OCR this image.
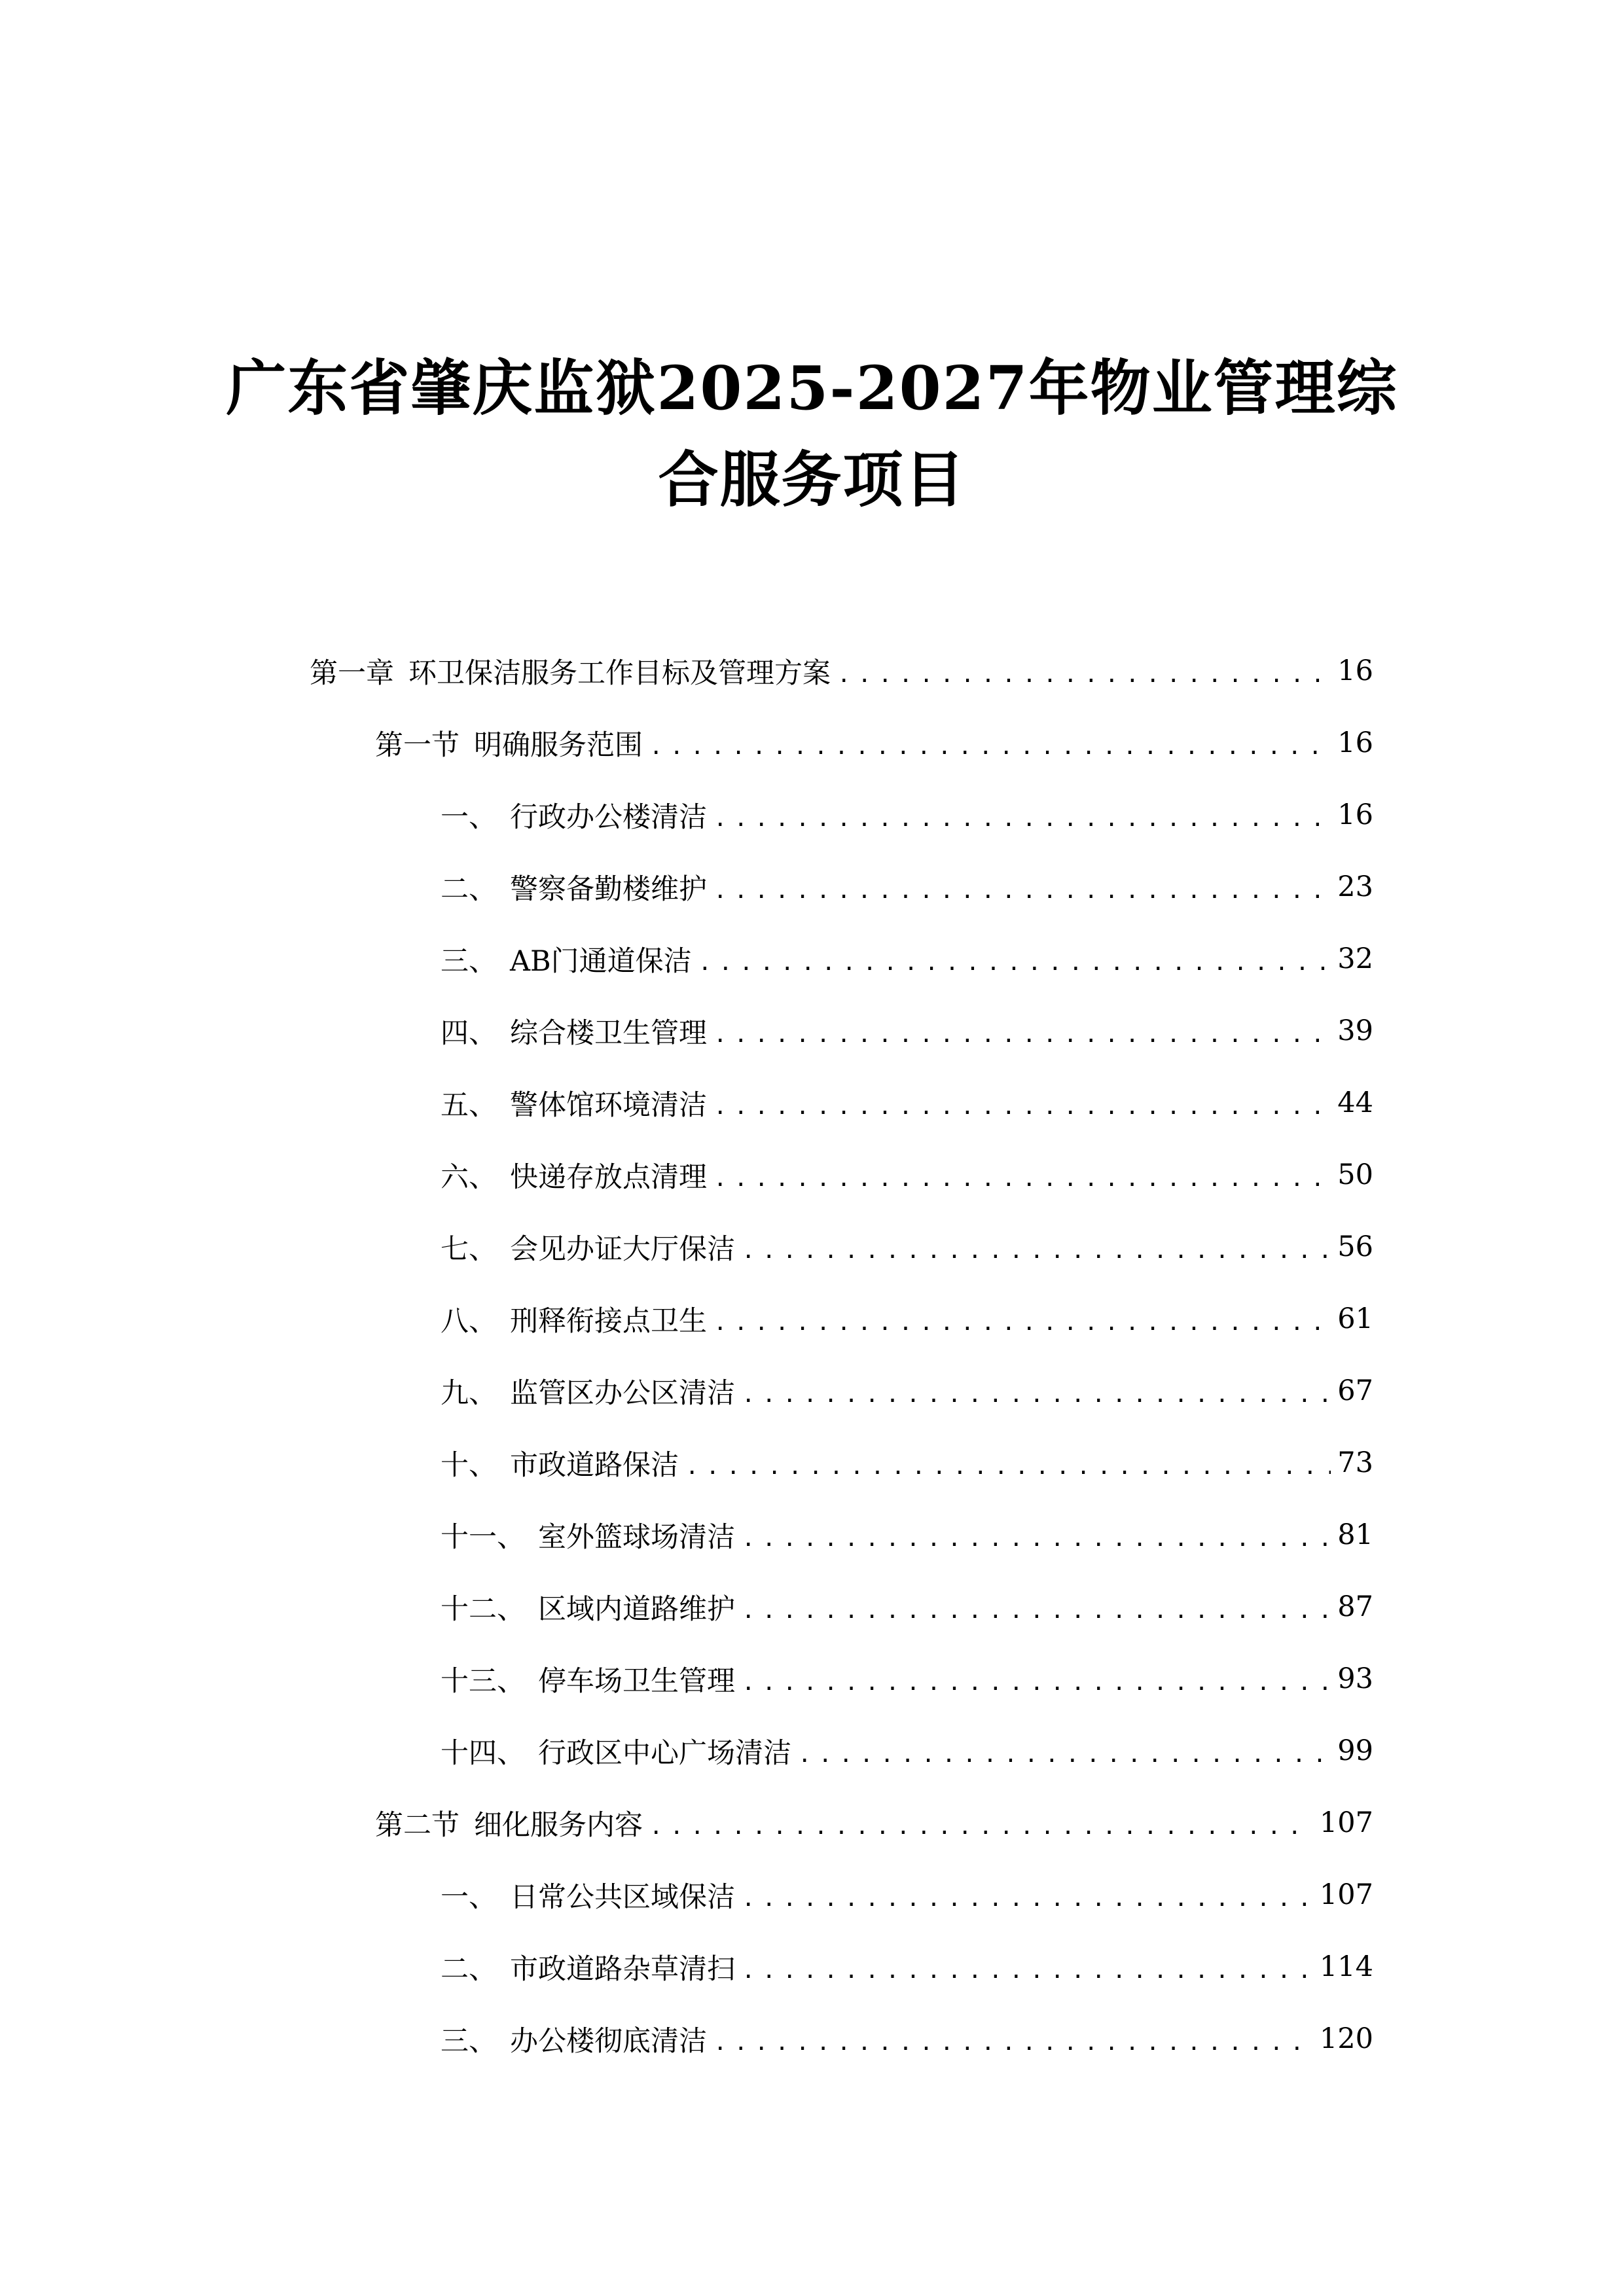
广东省肇庆监狱2025-2027年物业管理综
合服务项目
第一章 环卫保洁服务工作目标及管理方案 .....	16
第一节 明确服务范围 .....	16
一、 行政办公楼清洁 .....	16
二、 警察备勤楼维护 .....	23
三、 AB门通道保洁 .....	32
四、 综合楼卫生管理 .....	39
五、 警体馆环境清洁 .....	44
六、 快递存放点清理 .....	50
七、 会见办证大厅保洁 .....	56
八、 刑释衔接点卫生 .....	61
九、 监管区办公区清洁 .....	67
十、 市政道路保洁 .....	73
十一、 室外篮球场清洁 .....	81
十二、 区域内道路维护 .....	87
十三、 停车场卫生管理 .....	93
十四、 行政区中心广场清洁 .....	99
第二节 细化服务内容 .....	107
一、 日常公共区域保洁 .....	107
二、 市政道路杂草清扫 .....	114
三、 办公楼彻底清洁 .....	120
